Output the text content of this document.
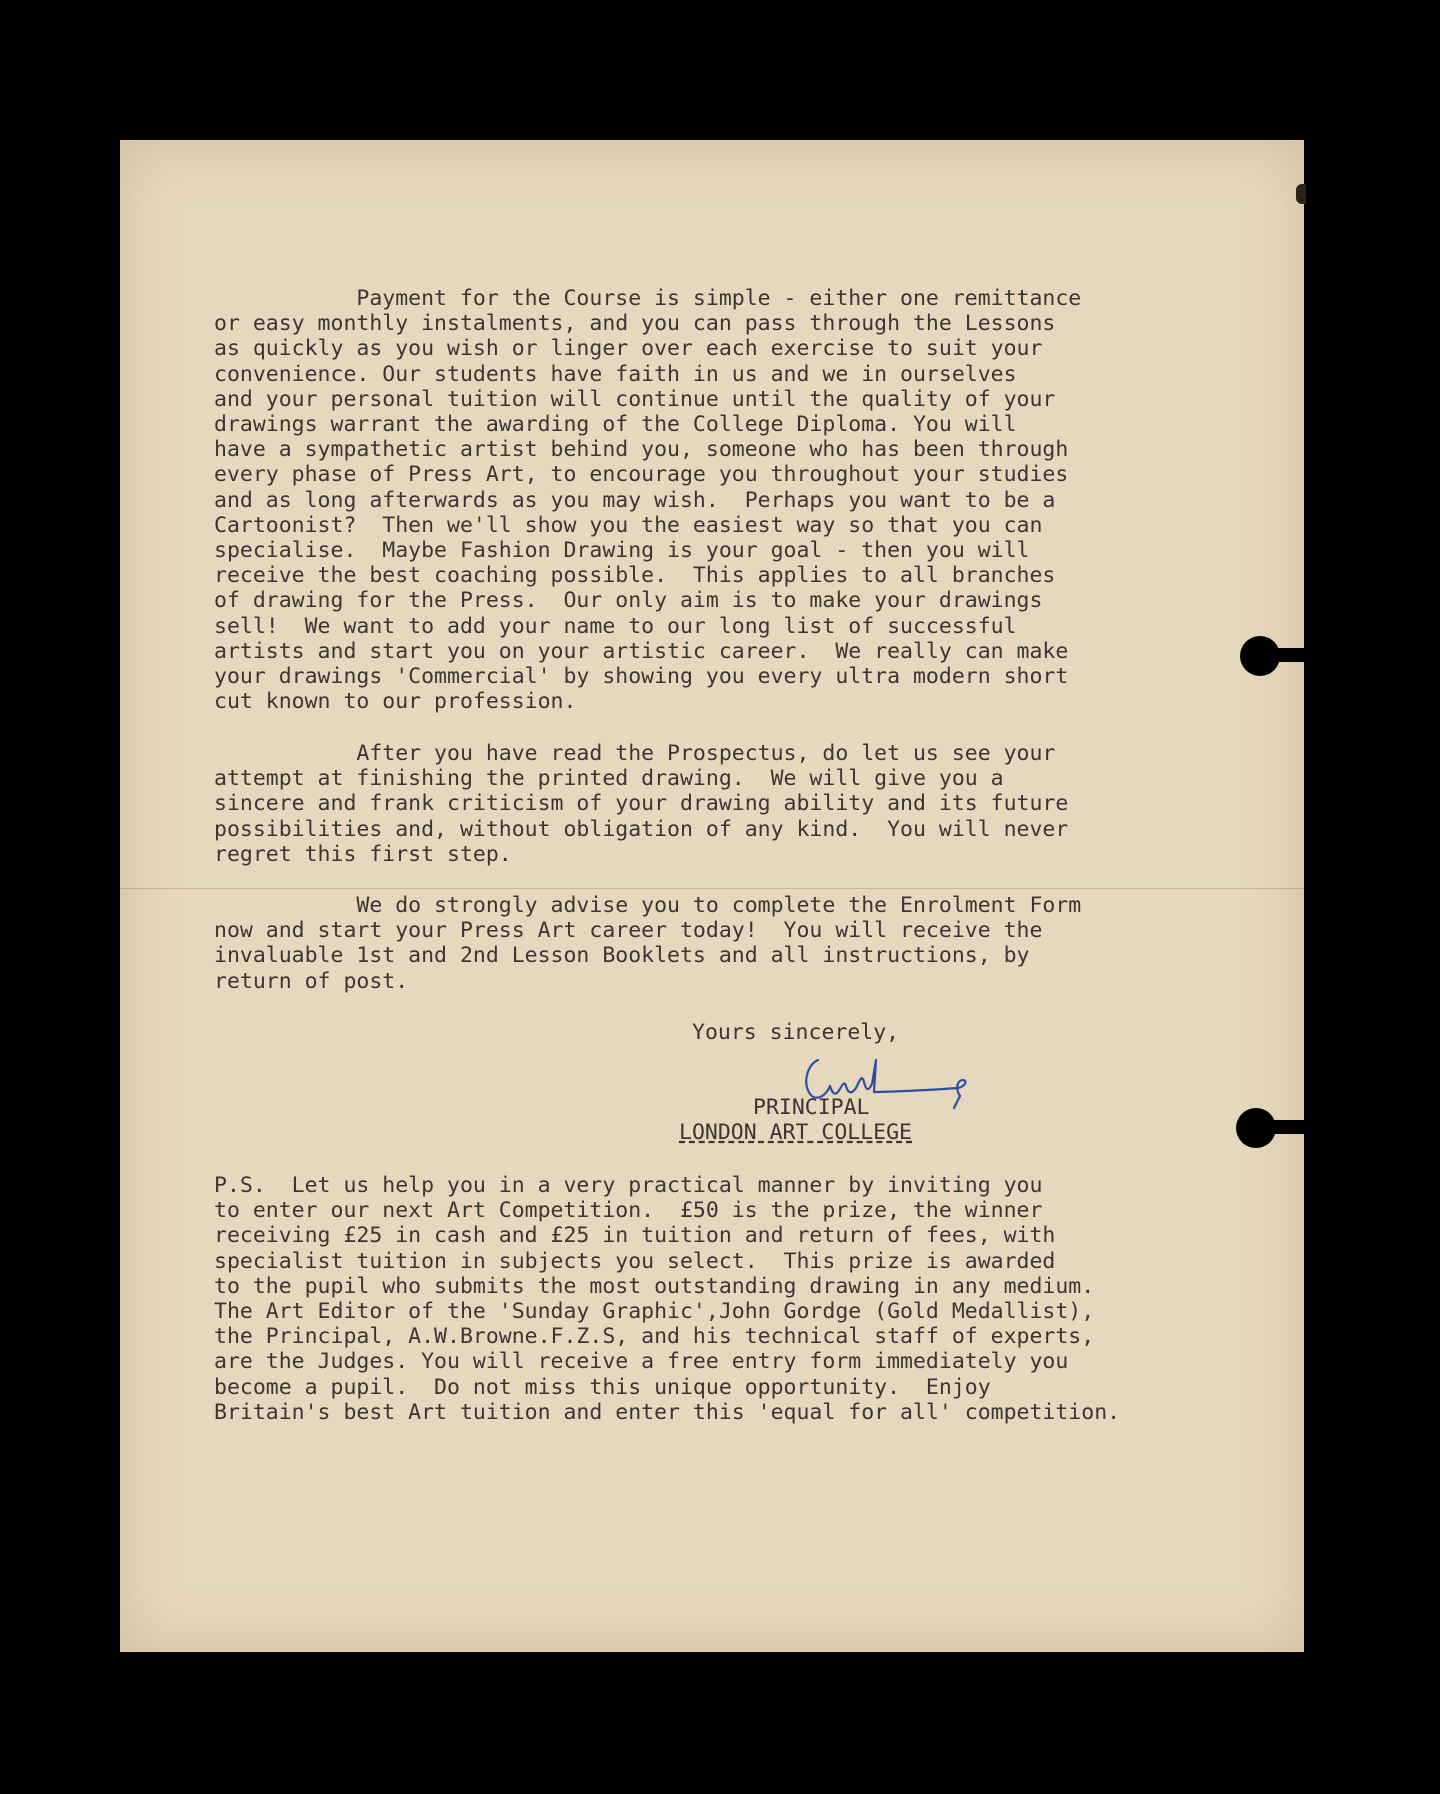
Payment for the Course is simple - either one remittance
or easy monthly instalments, and you can pass through the Lessons
as quickly as you wish or linger over each exercise to suit your
convenience. Our students have faith in us and we in ourselves
and your personal tuition will continue until the quality of your
drawings warrant the awarding of the College Diploma. You will
have a sympathetic artist behind you, someone who has been through
every phase of Press Art, to encourage you throughout your studies
and as long afterwards as you may wish.  Perhaps you want to be a
Cartoonist?  Then we'll show you the easiest way so that you can
specialise.  Maybe Fashion Drawing is your goal - then you will
receive the best coaching possible.  This applies to all branches
of drawing for the Press.  Our only aim is to make your drawings
sell!  We want to add your name to our long list of successful
artists and start you on your artistic career.  We really can make
your drawings 'Commercial' by showing you every ultra modern short
cut known to our profession.

After you have read the Prospectus, do let us see your
attempt at finishing the printed drawing.  We will give you a
sincere and frank criticism of your drawing ability and its future
possibilities and, without obligation of any kind.  You will never
regret this first step.

We do strongly advise you to complete the Enrolment Form
now and start your Press Art career today!  You will receive the
invaluable 1st and 2nd Lesson Booklets and all instructions, by
return of post.

Yours sincerely,

PRINCIPAL

LONDON ART COLLEGE

P.S.  Let us help you in a very practical manner by inviting you
to enter our next Art Competition.  £50 is the prize, the winner
receiving £25 in cash and £25 in tuition and return of fees, with
specialist tuition in subjects you select.  This prize is awarded
to the pupil who submits the most outstanding drawing in any medium.
The Art Editor of the 'Sunday Graphic',John Gordge (Gold Medallist),
the Principal, A.W.Browne.F.Z.S, and his technical staff of experts,
are the Judges. You will receive a free entry form immediately you
become a pupil.  Do not miss this unique opportunity.  Enjoy
Britain's best Art tuition and enter this 'equal for all' competition.
